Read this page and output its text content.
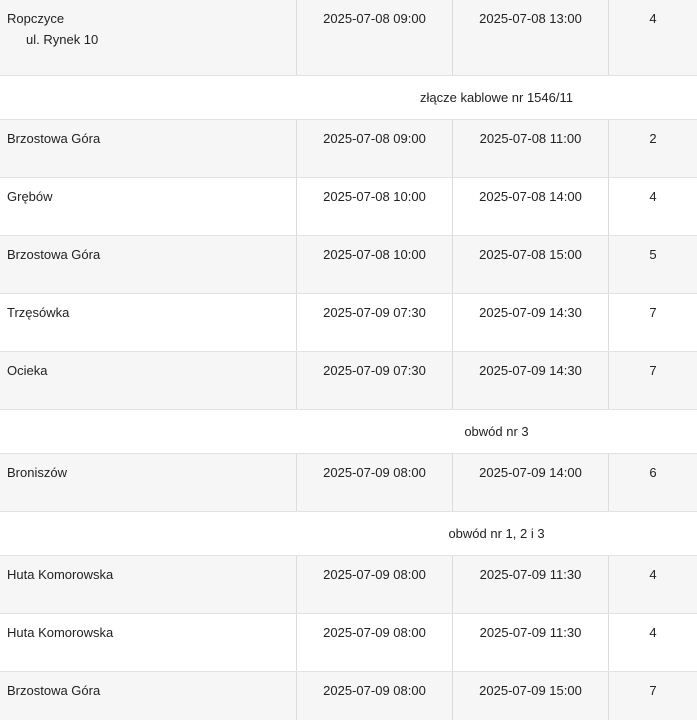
Ropczyce
ul. Rynek 10
2025-07-08 09:00	2025-07-08 13:00	4
złącze kablowe nr 1546/11
Brzostowa Góra	2025-07-08 09:00	2025-07-08 11:00	2
Grębów	2025-07-08 10:00	2025-07-08 14:00	4
Brzostowa Góra	2025-07-08 10:00	2025-07-08 15:00	5
Trzęsówka	2025-07-09 07:30	2025-07-09 14:30	7
Ocieka	2025-07-09 07:30	2025-07-09 14:30	7
obwód nr 3
Broniszów	2025-07-09 08:00	2025-07-09 14:00	6
obwód nr 1, 2 i 3
Huta Komorowska	2025-07-09 08:00	2025-07-09 11:30	4
Huta Komorowska	2025-07-09 08:00	2025-07-09 11:30	4
Brzostowa Góra	2025-07-09 08:00	2025-07-09 15:00	7
